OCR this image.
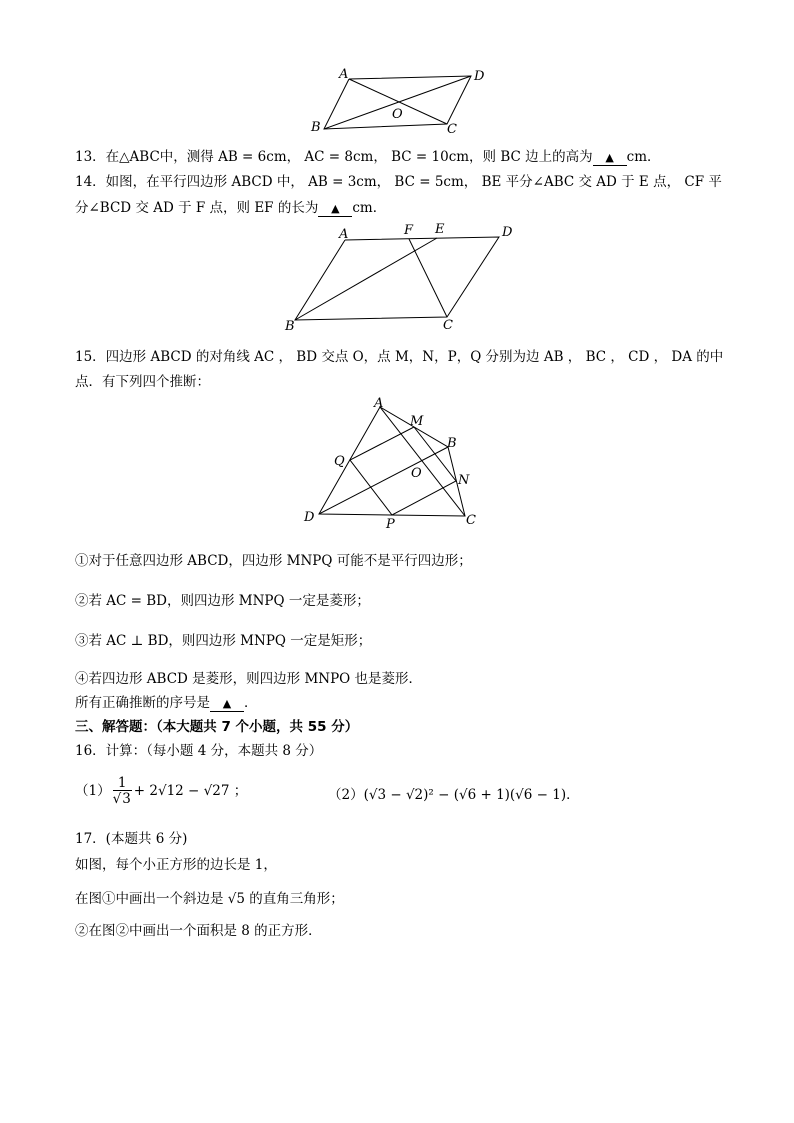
A	D
O
B	C
13．在△ABC中，测得 AB = 6cm， AC = 8cm， BC = 10cm，则 BC 边上的高为 ▲ cm．
14．如图，在平行四边形 ABCD 中， AB = 3cm， BC = 5cm， BE 平分∠ABC 交 AD 于 E 点， CF 平
分∠BCD 交 AD 于 F 点，则 EF 的长为 ▲ cm．
A	F E	D
B	C
15．四边形 ABCD 的对角线 AC ， BD 交点 O，点 M，N，P，Q 分别为边 AB ， BC ， CD ， DA 的中
点．有下列四个推断：
A
M
B
Q
O	N
D	P	C
①对于任意四边形 ABCD，四边形 MNPQ 可能不是平行四边形；
②若 AC = BD，则四边形 MNPQ 一定是菱形；
③若 AC ⊥ BD，则四边形 MNPQ 一定是矩形；
④若四边形 ABCD 是菱形，则四边形 MNPO 也是菱形．
所有正确推断的序号是 ▲ ．
三、解答题：（本大题共 7 个小题，共 55 分）
16．计算：（每小题 4 分，本题共 8 分）
$(1) \frac{1}{√3} + 2√12 - √27$ ；	（2）(√3 − √2)² − (√6 + 1)(√6 − 1)．
17．(本题共 6 分)
如图，每个小正方形的边长是 1，
在图①中画出一个斜边是 √5 的直角三角形；
②在图②中画出一个面积是 8 的正方形．
